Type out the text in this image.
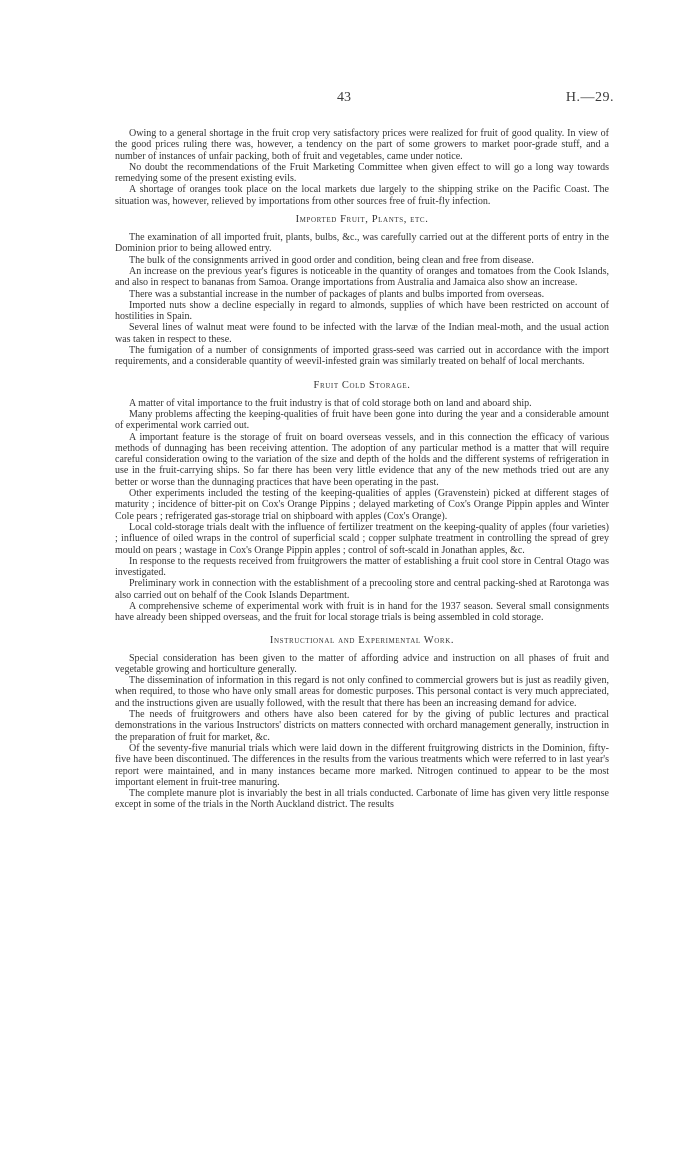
43	H.—29.

Owing to a general shortage in the fruit crop very satisfactory prices were realized for fruit of good quality. In view of the good prices ruling there was, however, a tendency on the part of some growers to market poor-grade stuff, and a number of instances of unfair packing, both of fruit and vegetables, came under notice.

No doubt the recommendations of the Fruit Marketing Committee when given effect to will go a long way towards remedying some of the present existing evils.

A shortage of oranges took place on the local markets due largely to the shipping strike on the Pacific Coast. The situation was, however, relieved by importations from other sources free of fruit-fly infection.

Imported Fruit, Plants, etc.

The examination of all imported fruit, plants, bulbs, &c., was carefully carried out at the different ports of entry in the Dominion prior to being allowed entry.

The bulk of the consignments arrived in good order and condition, being clean and free from disease.

An increase on the previous year's figures is noticeable in the quantity of oranges and tomatoes from the Cook Islands, and also in respect to bananas from Samoa. Orange importations from Australia and Jamaica also show an increase.

There was a substantial increase in the number of packages of plants and bulbs imported from overseas.

Imported nuts show a decline especially in regard to almonds, supplies of which have been restricted on account of hostilities in Spain.

Several lines of walnut meat were found to be infected with the larvæ of the Indian meal-moth, and the usual action was taken in respect to these.

The fumigation of a number of consignments of imported grass-seed was carried out in accordance with the import requirements, and a considerable quantity of weevil-infested grain was similarly treated on behalf of local merchants.

Fruit Cold Storage.

A matter of vital importance to the fruit industry is that of cold storage both on land and aboard ship.

Many problems affecting the keeping-qualities of fruit have been gone into during the year and a considerable amount of experimental work carried out.

A important feature is the storage of fruit on board overseas vessels, and in this connection the efficacy of various methods of dunnaging has been receiving attention. The adoption of any particular method is a matter that will require careful consideration owing to the variation of the size and depth of the holds and the different systems of refrigeration in use in the fruit-carrying ships. So far there has been very little evidence that any of the new methods tried out are any better or worse than the dunnaging practices that have been operating in the past.

Other experiments included the testing of the keeping-qualities of apples (Gravenstein) picked at different stages of maturity ; incidence of bitter-pit on Cox's Orange Pippins ; delayed marketing of Cox's Orange Pippin apples and Winter Cole pears ; refrigerated gas-storage trial on shipboard with apples (Cox's Orange).

Local cold-storage trials dealt with the influence of fertilizer treatment on the keeping-quality of apples (four varieties) ; influence of oiled wraps in the control of superficial scald ; copper sulphate treatment in controlling the spread of grey mould on pears ; wastage in Cox's Orange Pippin apples ; control of soft-scald in Jonathan apples, &c.

In response to the requests received from fruitgrowers the matter of establishing a fruit cool store in Central Otago was investigated.

Preliminary work in connection with the establishment of a precooling store and central packing-shed at Rarotonga was also carried out on behalf of the Cook Islands Department.

A comprehensive scheme of experimental work with fruit is in hand for the 1937 season. Several small consignments have already been shipped overseas, and the fruit for local storage trials is being assembled in cold storage.

Instructional and Experimental Work.

Special consideration has been given to the matter of affording advice and instruction on all phases of fruit and vegetable growing and horticulture generally.

The dissemination of information in this regard is not only confined to commercial growers but is just as readily given, when required, to those who have only small areas for domestic purposes. This personal contact is very much appreciated, and the instructions given are usually followed, with the result that there has been an increasing demand for advice.

The needs of fruitgrowers and others have also been catered for by the giving of public lectures and practical demonstrations in the various Instructors' districts on matters connected with orchard management generally, instruction in the preparation of fruit for market, &c.

Of the seventy-five manurial trials which were laid down in the different fruitgrowing districts in the Dominion, fifty-five have been discontinued. The differences in the results from the various treatments which were referred to in last year's report were maintained, and in many instances became more marked. Nitrogen continued to appear to be the most important element in fruit-tree manuring.

The complete manure plot is invariably the best in all trials conducted. Carbonate of lime has given very little response except in some of the trials in the North Auckland district. The results
